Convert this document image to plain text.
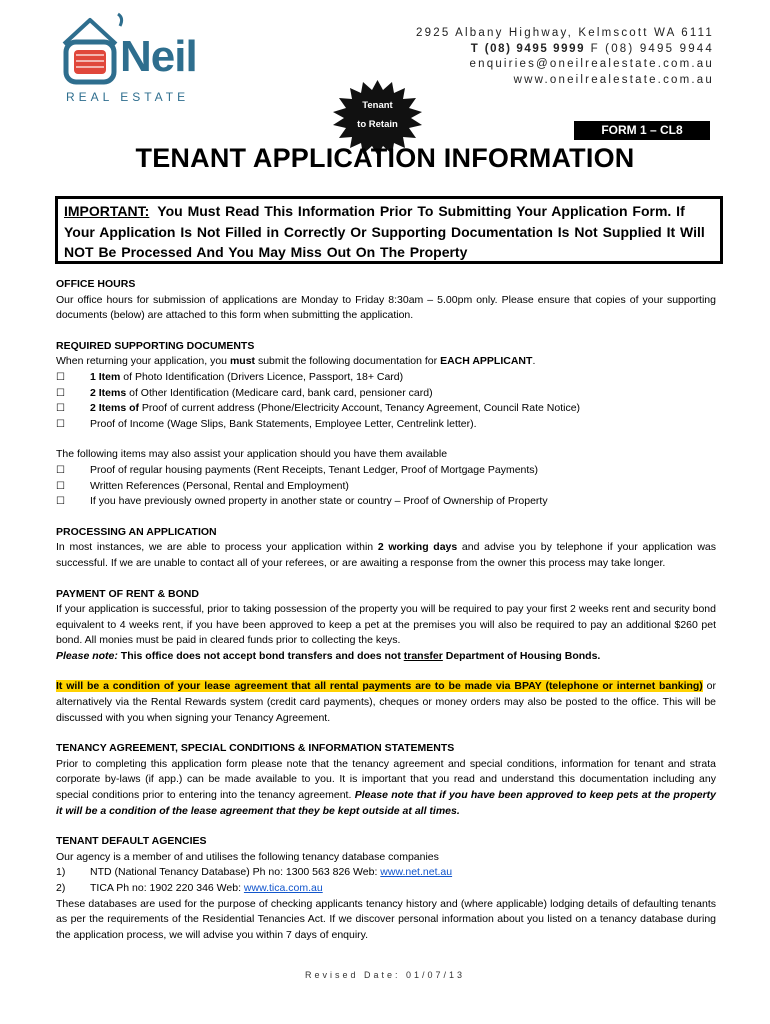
Neil
REAL ESTATE
2925 Albany Highway, Kelmscott WA 6111
T (08) 9495 9999 F (08) 9495 9944
enquiries@oneilrealestate.com.au
www.oneilrealestate.com.au
Tenant
to Retain	FORM 1 – CL8
TENANT APPLICATION INFORMATION
IMPORTANT: You Must Read This Information Prior To Submitting Your Application Form. If Your Application Is Not Filled in Correctly Or Supporting Documentation Is Not Supplied It Will NOT Be Processed And You May Miss Out On The Property
OFFICE HOURS
Our office hours for submission of applications are Monday to Friday 8:30am – 5.00pm only. Please ensure that copies of your supporting documents (below) are attached to this form when submitting the application.
REQUIRED SUPPORTING DOCUMENTS
When returning your application, you must submit the following documentation for EACH APPLICANT.
☐	1 Item of Photo Identification (Drivers Licence, Passport, 18+ Card)
☐	2 Items of Other Identification (Medicare card, bank card, pensioner card)
☐	2 Items of Proof of current address (Phone/Electricity Account, Tenancy Agreement, Council Rate Notice)
☐	Proof of Income (Wage Slips, Bank Statements, Employee Letter, Centrelink letter).
The following items may also assist your application should you have them available
☐	Proof of regular housing payments (Rent Receipts, Tenant Ledger, Proof of Mortgage Payments)
☐	Written References (Personal, Rental and Employment)
☐	If you have previously owned property in another state or country – Proof of Ownership of Property
PROCESSING AN APPLICATION
In most instances, we are able to process your application within 2 working days and advise you by telephone if your application was successful. If we are unable to contact all of your referees, or are awaiting a response from the owner this process may take longer.
PAYMENT OF RENT & BOND
If your application is successful, prior to taking possession of the property you will be required to pay your first 2 weeks rent and security bond equivalent to 4 weeks rent, if you have been approved to keep a pet at the premises you will also be required to pay an additional $260 pet bond. All monies must be paid in cleared funds prior to collecting the keys.
Please note: This office does not accept bond transfers and does not transfer Department of Housing Bonds.
It will be a condition of your lease agreement that all rental payments are to be made via BPAY (telephone or internet banking) or alternatively via the Rental Rewards system (credit card payments), cheques or money orders may also be posted to the office. This will be discussed with you when signing your Tenancy Agreement.
TENANCY AGREEMENT, SPECIAL CONDITIONS & INFORMATION STATEMENTS
Prior to completing this application form please note that the tenancy agreement and special conditions, information for tenant and strata corporate by-laws (if app.) can be made available to you. It is important that you read and understand this documentation including any special conditions prior to entering into the tenancy agreement. Please note that if you have been approved to keep pets at the property it will be a condition of the lease agreement that they be kept outside at all times.
TENANT DEFAULT AGENCIES
Our agency is a member of and utilises the following tenancy database companies
1)	NTD (National Tenancy Database) Ph no: 1300 563 826 Web: www.net.net.au
2)	TICA Ph no: 1902 220 346 Web: www.tica.com.au
These databases are used for the purpose of checking applicants tenancy history and (where applicable) lodging details of defaulting tenants as per the requirements of the Residential Tenancies Act. If we discover personal information about you listed on a tenancy database during the application process, we will advise you within 7 days of enquiry.
Revised Date: 01/07/13
